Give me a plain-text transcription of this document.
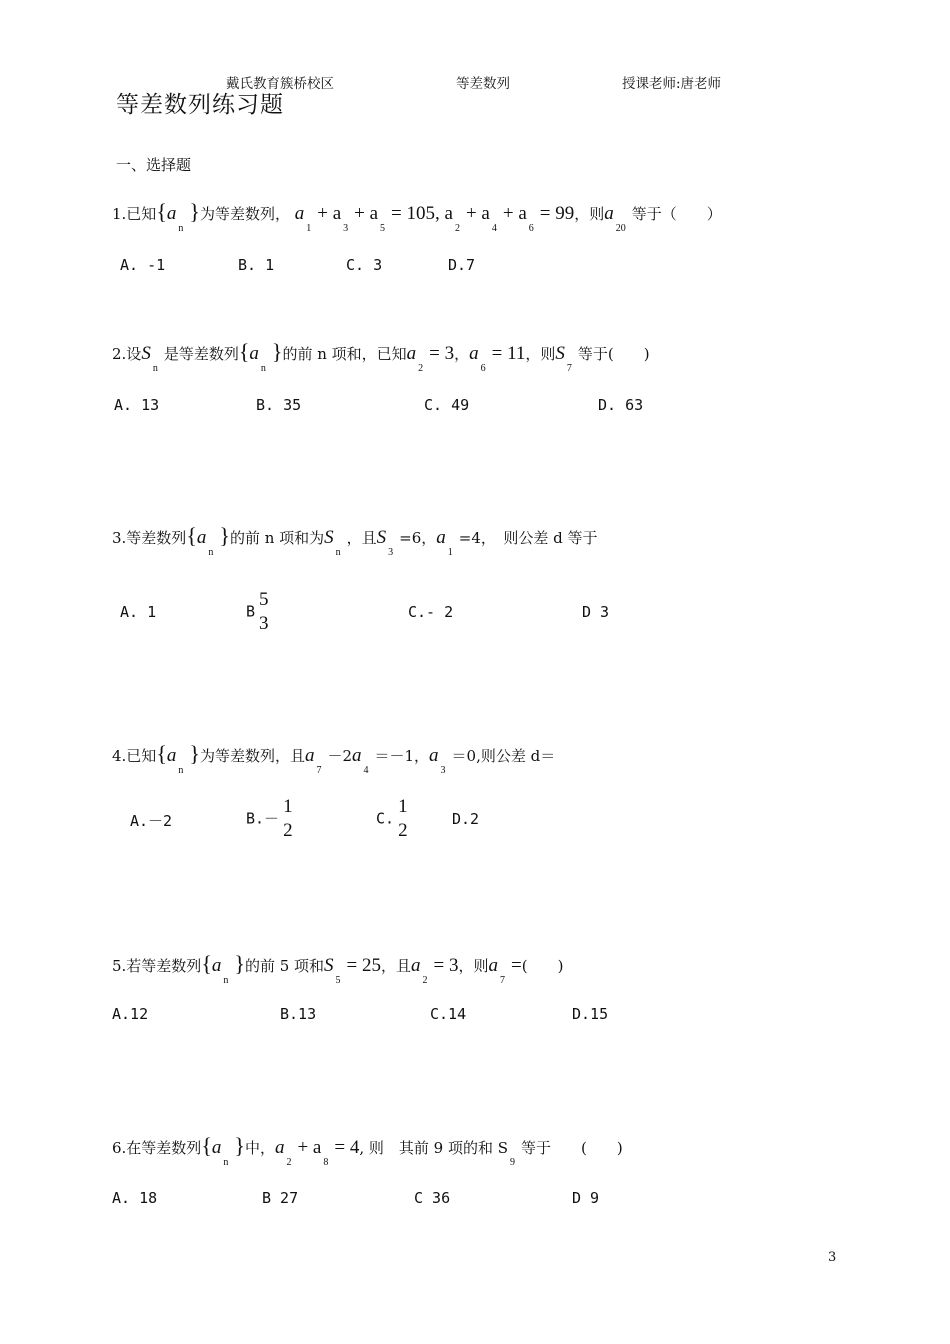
戴氏教育簇桥校区	等差数列	授课老师:唐老师
等差数列练习题
一、选择题
1.已知$\{a_n\}$为等差数列， $a_1+ a_3+ a_5= 105$, $a_2+ a_4+ a_6= 99$，则$a_{20}$等于（　　）
A. -1	B. 1	C. 3	D.7
2.设$S_n$是等差数列$\{a_n\}$的前 n 项和，已知$a_2= 3$，$a_6= 11$，则$S_7$等于(　　)
A. 13	B. 35	C. 49	D. 63
3.等差数列$\{a_n\}$的前 n 项和为$S_n$，且$S_3=6$，$a_1=4$，　则公差 d 等于
A. 1	B
5
3
C.- 2	D 3
4.已知$\{a_n\}$为等差数列，且$a_7-2a_4=-1$，$a_3=0$,则公差 d＝
A.－2	B.－
1
2
C.
1
2
D.2
5.若等差数列$\{a_n\}$的前 5 项和$S_5= 25$，且$a_2= 3$，则$a_7=$(　　)
A.12	B.13	C.14	D.15
6.在等差数列$\{a_n\}$中，$a_2+ a_8= 4$, 则　其前 9 项的和 $S_9$等于　　(　　)
A. 18	B 27	C 36	D 9
3
